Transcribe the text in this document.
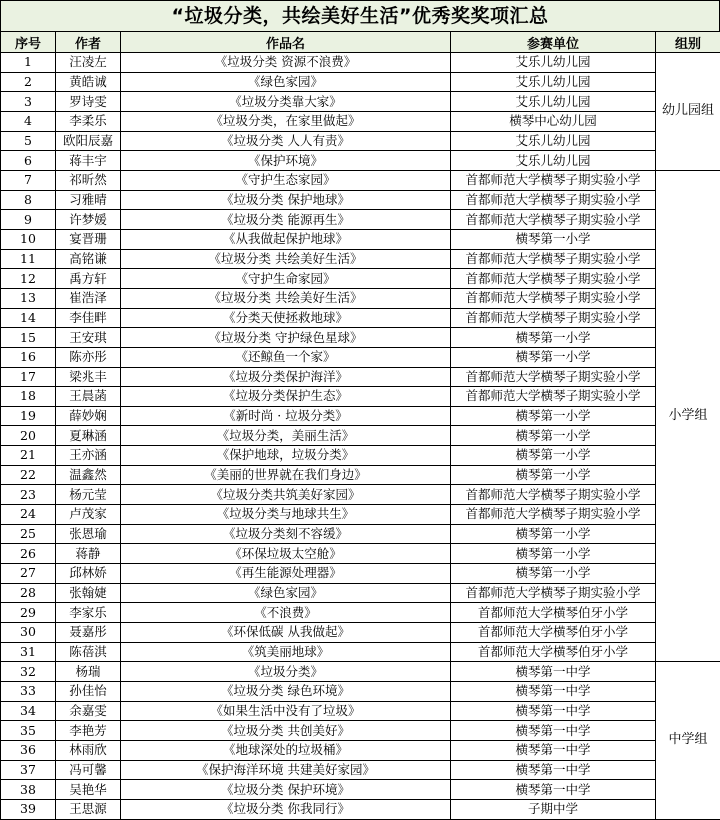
“垃圾分类，共绘美好生活”优秀奖奖项汇总
序号	作者	作品名	参赛单位	组别
1	汪凌左	《垃圾分类 资源不浪费》	艾乐儿幼儿园	幼儿园组
2	黄皓诚	《绿色家园》	艾乐儿幼儿园	
3	罗诗雯	《垃圾分类靠大家》	艾乐儿幼儿园	
4	李柔乐	《垃圾分类，在家里做起》	横琴中心幼儿园	
5	欧阳辰嘉	《垃圾分类 人人有责》	艾乐儿幼儿园	
6	蒋丰宇	《保护环境》	艾乐儿幼儿园	
7	祁昕然	《守护生态家园》	首都师范大学横琴子期实验小学	小学组
8	习雅晴	《垃圾分类 保护地球》	首都师范大学横琴子期实验小学	
9	许梦媛	《垃圾分类 能源再生》	首都师范大学横琴子期实验小学	
10	宴晋珊	《从我做起保护地球》	横琴第一小学	
11	高铭谦	《垃圾分类 共绘美好生活》	首都师范大学横琴子期实验小学	
12	禹方轩	《守护生命家园》	首都师范大学横琴子期实验小学	
13	崔浩泽	《垃圾分类 共绘美好生活》	首都师范大学横琴子期实验小学	
14	李佳畔	《分类天使拯救地球》	首都师范大学横琴子期实验小学	
15	王安琪	《垃圾分类 守护绿色星球》	横琴第一小学	
16	陈亦彤	《还鲸鱼一个家》	横琴第一小学	
17	梁兆丰	《垃圾分类保护海洋》	首都师范大学横琴子期实验小学	
18	王晨菡	《垃圾分类保护生态》	首都师范大学横琴子期实验小学	
19	薛妙娴	《新时尚 · 垃圾分类》	横琴第一小学	
20	夏琳涵	《垃圾分类，美丽生活》	横琴第一小学	
21	王亦涵	《保护地球，垃圾分类》	横琴第一小学	
22	温鑫然	《美丽的世界就在我们身边》	横琴第一小学	
23	杨元莹	《垃圾分类共筑美好家园》	首都师范大学横琴子期实验小学	
24	卢茂家	《垃圾分类与地球共生》	首都师范大学横琴子期实验小学	
25	张恩瑜	《垃圾分类刻不容缓》	横琴第一小学	
26	蒋静	《环保垃圾太空舱》	横琴第一小学	
27	邱林娇	《再生能源处理器》	横琴第一小学	
28	张翰婕	《绿色家园》	首都师范大学横琴子期实验小学	
29	李家乐	《不浪费》	首都师范大学横琴伯牙小学	
30	聂嘉彤	《环保低碳 从我做起》	首都师范大学横琴伯牙小学	
31	陈蓓淇	《筑美丽地球》	首都师范大学横琴伯牙小学	
32	杨瑞	《垃圾分类》	横琴第一中学	中学组
33	孙佳怡	《垃圾分类 绿色环境》	横琴第一中学	
34	余嘉雯	《如果生活中没有了垃圾》	横琴第一中学	
35	李艳芳	《垃圾分类 共创美好》	横琴第一中学	
36	林雨欣	《地球深处的垃圾桶》	横琴第一中学	
37	冯可馨	《保护海洋环境 共建美好家园》	横琴第一中学	
38	吴艳华	《垃圾分类 保护环境》	横琴第一中学	
39	王思源	《垃圾分类 你我同行》	子期中学	
